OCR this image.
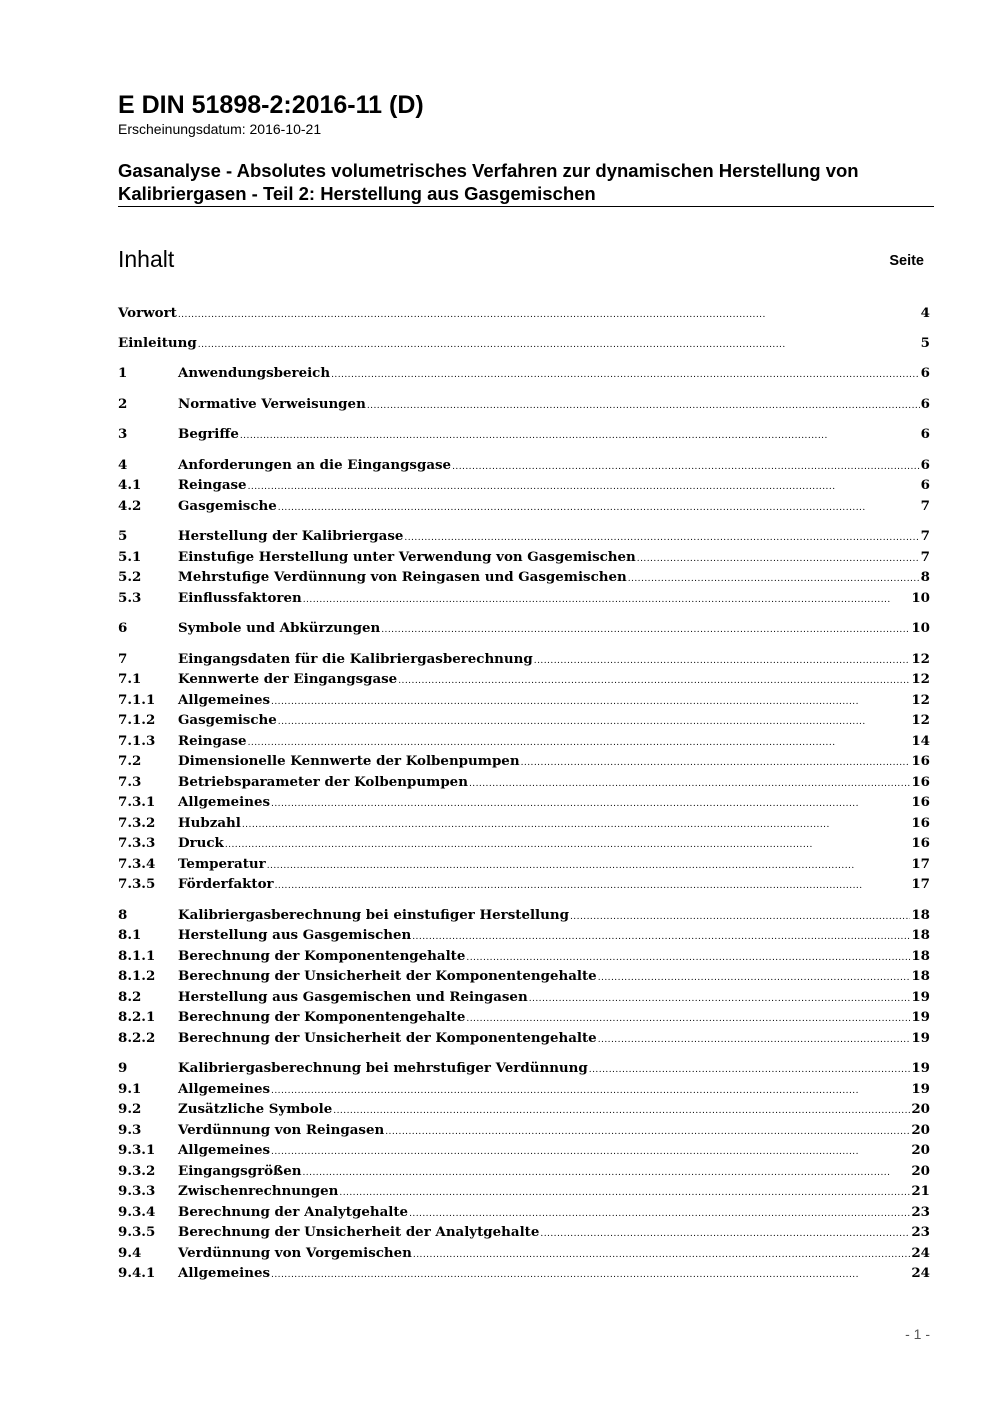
E DIN 51898-2:2016-11 (D)
Erscheinungsdatum: 2016-10-21
Gasanalyse - Absolutes volumetrisches Verfahren zur dynamischen Herstellung von Kalibriergasen - Teil 2: Herstellung aus Gasgemischen
Inhalt	Seite
Vorwort . . .	4
Einleitung . . .	5
1	Anwendungsbereich . . .	6
2	Normative Verweisungen . . .	6
3	Begriffe . . .	6
4	Anforderungen an die Eingangsgase . . .	6
4.1	Reingase . . .	6
4.2	Gasgemische . . .	7
5	Herstellung der Kalibriergase . . .	7
5.1	Einstufige Herstellung unter Verwendung von Gasgemischen . . .	7
5.2	Mehrstufige Verdünnung von Reingasen und Gasgemischen . . .	8
5.3	Einflussfaktoren . . .	10
6	Symbole und Abkürzungen . . .	10
7	Eingangsdaten für die Kalibriergasberechnung . . .	12
7.1	Kennwerte der Eingangsgase . . .	12
7.1.1	Allgemeines . . .	12
7.1.2	Gasgemische . . .	12
7.1.3	Reingase . . .	14
7.2	Dimensionelle Kennwerte der Kolbenpumpen . . .	16
7.3	Betriebsparameter der Kolbenpumpen . . .	16
7.3.1	Allgemeines . . .	16
7.3.2	Hubzahl . . .	16
7.3.3	Druck . . .	16
7.3.4	Temperatur . . .	17
7.3.5	Förderfaktor . . .	17
8	Kalibriergasberechnung bei einstufiger Herstellung . . .	18
8.1	Herstellung aus Gasgemischen . . .	18
8.1.1	Berechnung der Komponentengehalte . . .	18
8.1.2	Berechnung der Unsicherheit der Komponentengehalte . . .	18
8.2	Herstellung aus Gasgemischen und Reingasen . . .	19
8.2.1	Berechnung der Komponentengehalte . . .	19
8.2.2	Berechnung der Unsicherheit der Komponentengehalte . . .	19
9	Kalibriergasberechnung bei mehrstufiger Verdünnung . . .	19
9.1	Allgemeines . . .	19
9.2	Zusätzliche Symbole . . .	20
9.3	Verdünnung von Reingasen . . .	20
9.3.1	Allgemeines . . .	20
9.3.2	Eingangsgrößen . . .	20
9.3.3	Zwischenrechnungen . . .	21
9.3.4	Berechnung der Analytgehalte . . .	23
9.3.5	Berechnung der Unsicherheit der Analytgehalte . . .	23
9.4	Verdünnung von Vorgemischen . . .	24
9.4.1	Allgemeines . . .	24
- 1 -
